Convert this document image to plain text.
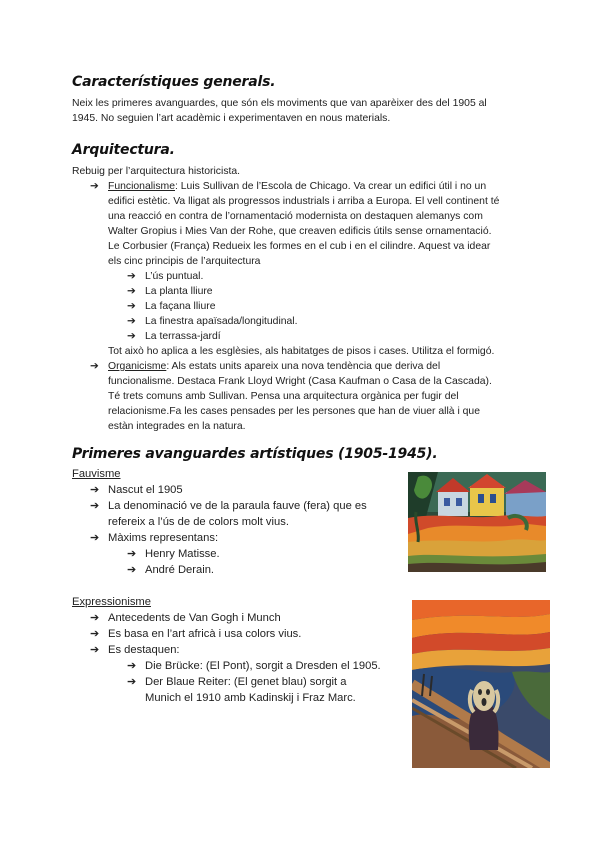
Característiques generals.

Neix les primeres avanguardes, que són els moviments que van aparèixer des del 1905 al

1945. No seguien l’art acadèmic i experimentaven en nous materials.

Arquitectura.

Rebuig per l’arquitectura historicista.

➔ Funcionalisme: Luis Sullivan de l’Escola de Chicago. Va crear un edifici útil i no un

edifici estètic. Va lligat als progressos industrials i arriba a Europa. El vell continent té

una reacció en contra de l’ornamentació modernista on destaquen alemanys com

Walter Gropius i Mies Van der Rohe, que creaven edificis útils sense ornamentació.

Le Corbusier (França) Redueix les formes en el cub i en el cilindre. Aquest va idear

els cinc principis de l’arquitectura

➔ L’ús puntual.
➔ La planta lliure
➔ La façana lliure
➔ La finestra apaïsada/longitudinal.
➔ La terrassa-jardí

Tot això ho aplica a les esglèsies, als habitatges de pisos i cases. Utilitza el formigó.

➔ Organicisme: Als estats units apareix una nova tendència que deriva del

funcionalisme. Destaca Frank Lloyd Wright (Casa Kaufman o Casa de la Cascada).

Té trets comuns amb Sullivan. Pensa una arquitectura orgànica per fugir del

relacionisme.Fa les cases pensades per les persones que han de viuer allà i que

estàn integrades en la natura.

Primeres avanguardes artístiques (1905-1945).
Fauvisme
➔ Nascut el 1905
➔ La denominació ve de la paraula fauve (fera) que es
refereix a l’ús de de colors molt vius.
➔ Màxims representans:
➔ Henry Matisse.
➔ André Derain.
Expressionisme
➔ Antecedents de Van Gogh i Munch
➔ Es basa en l’art africà i usa colors vius.
➔ Es destaquen:
➔ Die Brücke: (El Pont), sorgit a Dresden el 1905.
➔ Der Blaue Reiter: (El genet blau) sorgit a
Munich el 1910 amb Kadinskij i Fraz Marc.
